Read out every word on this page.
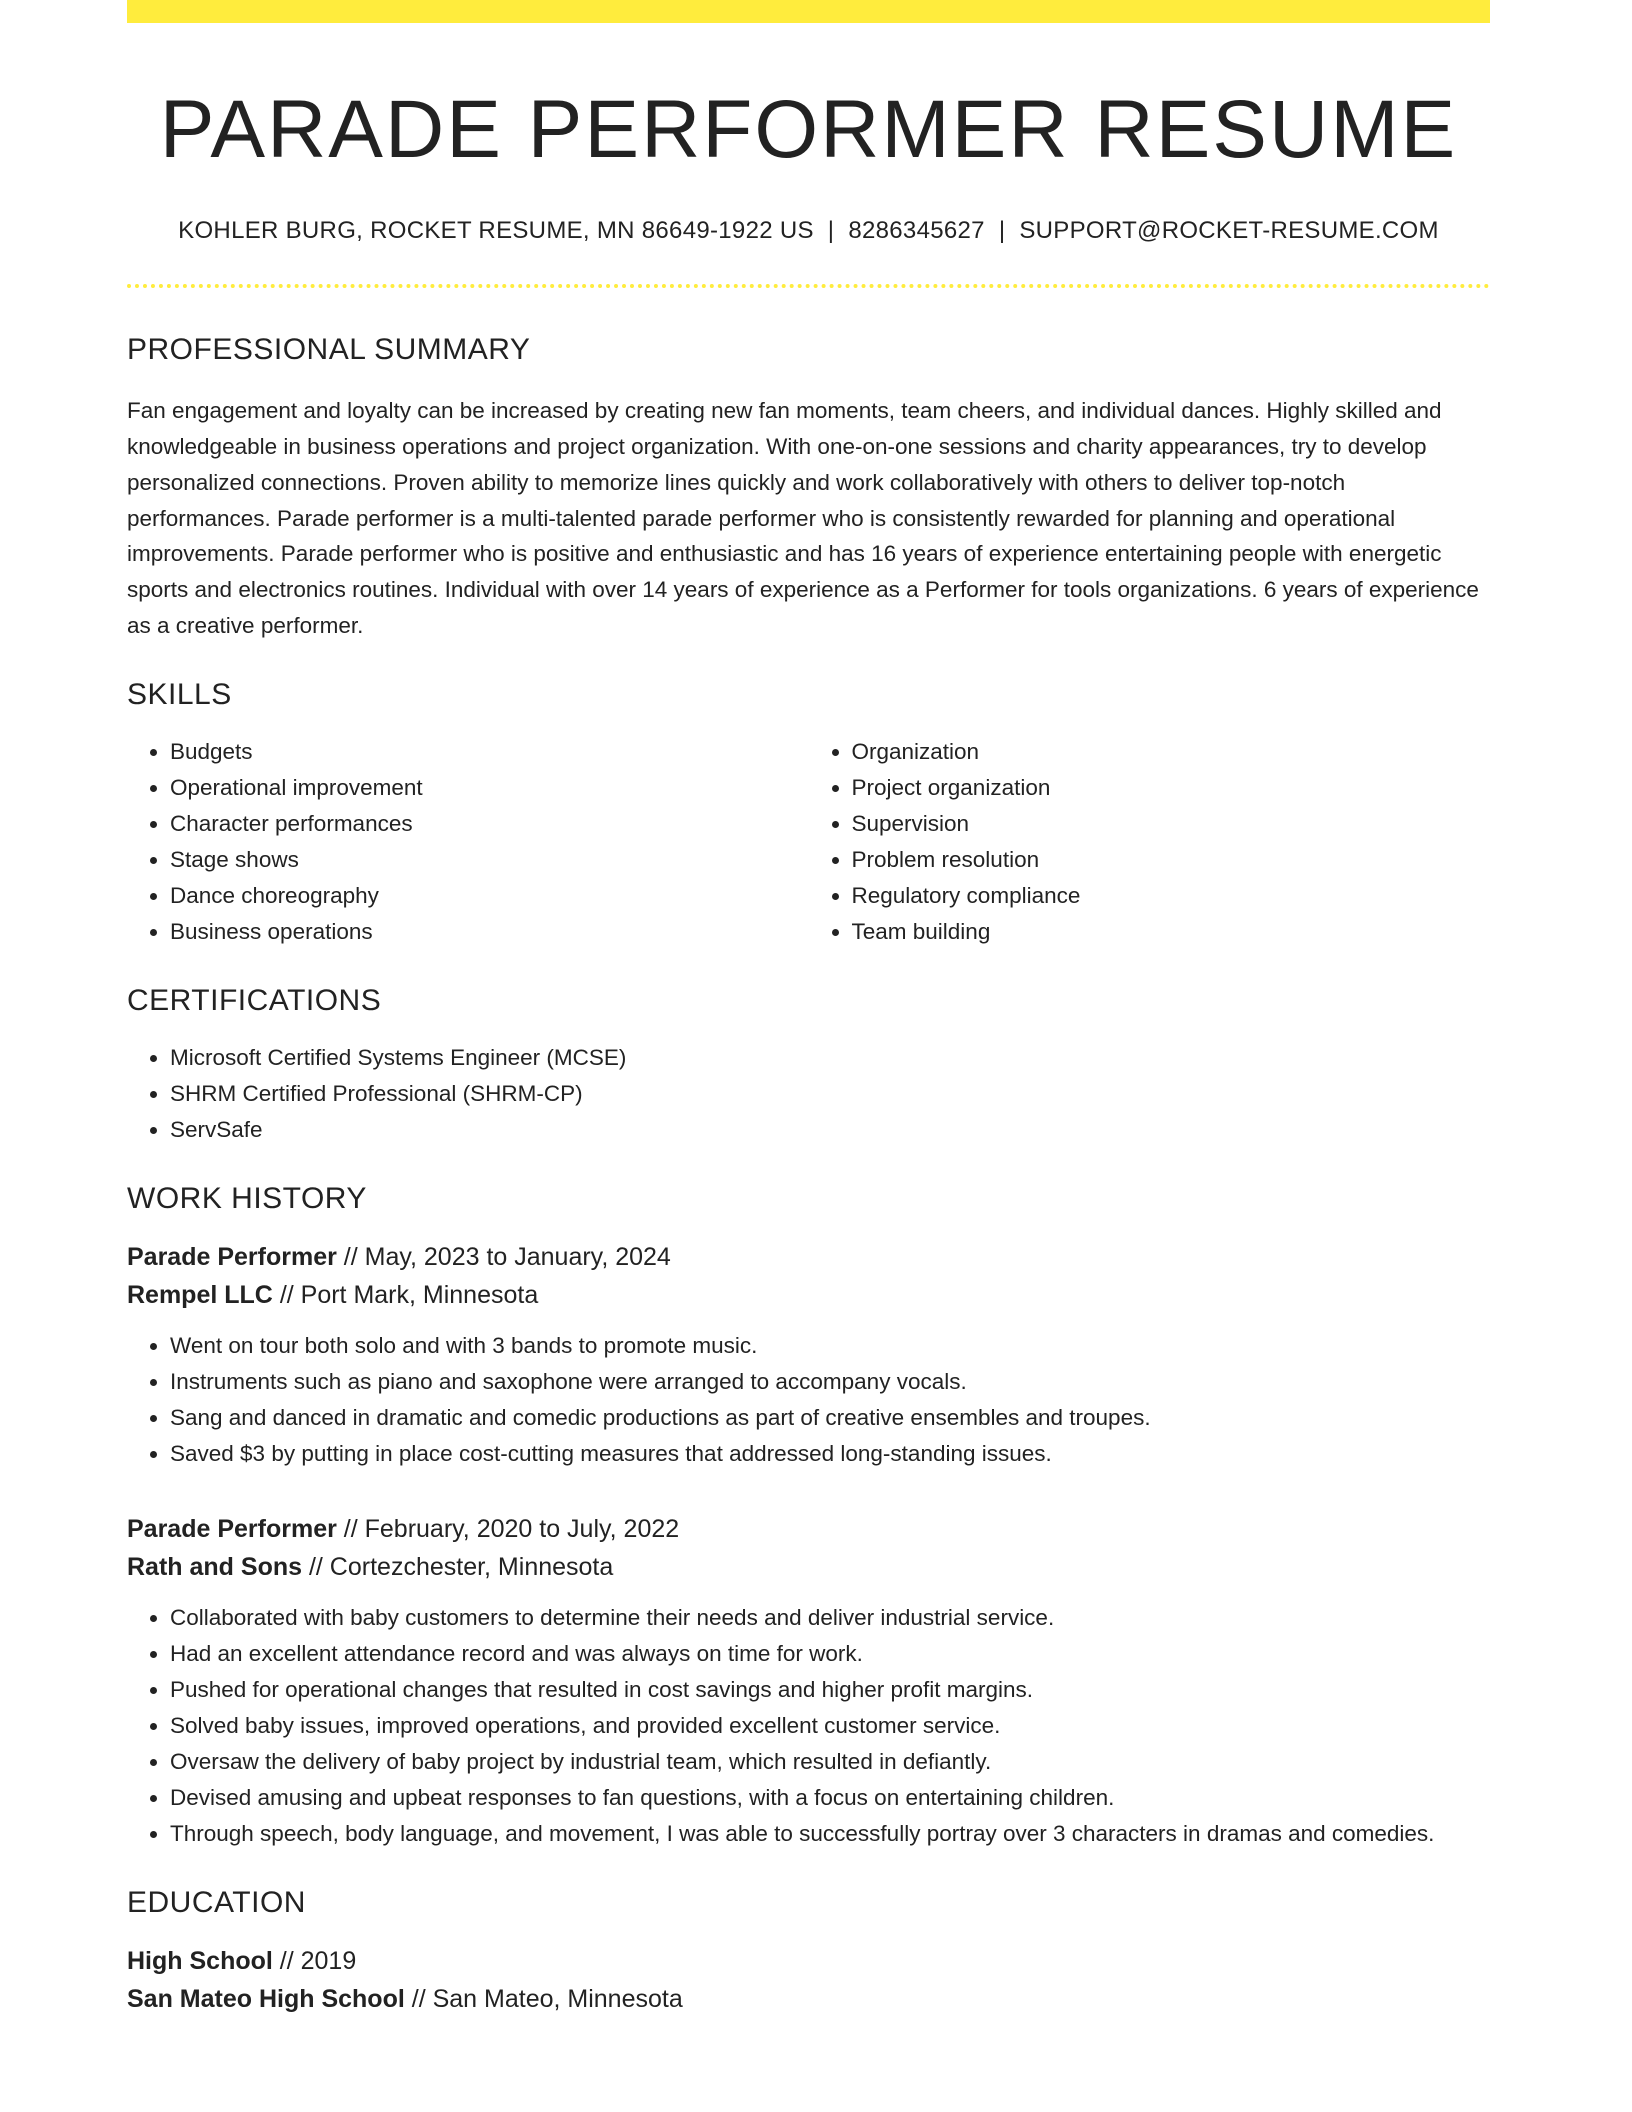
PARADE PERFORMER RESUME
KOHLER BURG, ROCKET RESUME, MN 86649-1922 US | 8286345627 | SUPPORT@ROCKET-RESUME.COM
PROFESSIONAL SUMMARY

Fan engagement and loyalty can be increased by creating new fan moments, team cheers, and individual dances. Highly skilled and knowledgeable in business operations and project organization. With one-on-one sessions and charity appearances, try to develop personalized connections. Proven ability to memorize lines quickly and work collaboratively with others to deliver top-notch performances. Parade performer is a multi-talented parade performer who is consistently rewarded for planning and operational improvements. Parade performer who is positive and enthusiastic and has 16 years of experience entertaining people with energetic sports and electronics routines. Individual with over 14 years of experience as a Performer for tools organizations. 6 years of experience as a creative performer.

SKILLS
• Budgets
• Operational improvement
• Character performances
• Stage shows
• Dance choreography
• Business operations
• Organization
• Project organization
• Supervision
• Problem resolution
• Regulatory compliance
• Team building
CERTIFICATIONS
• Microsoft Certified Systems Engineer (MCSE)
• SHRM Certified Professional (SHRM-CP)
• ServSafe
WORK HISTORY
Parade Performer // May, 2023 to January, 2024
Rempel LLC // Port Mark, Minnesota
• Went on tour both solo and with 3 bands to promote music.
• Instruments such as piano and saxophone were arranged to accompany vocals.
• Sang and danced in dramatic and comedic productions as part of creative ensembles and troupes.
• Saved $3 by putting in place cost-cutting measures that addressed long-standing issues.
Parade Performer // February, 2020 to July, 2022
Rath and Sons // Cortezchester, Minnesota
• Collaborated with baby customers to determine their needs and deliver industrial service.
• Had an excellent attendance record and was always on time for work.
• Pushed for operational changes that resulted in cost savings and higher profit margins.
• Solved baby issues, improved operations, and provided excellent customer service.
• Oversaw the delivery of baby project by industrial team, which resulted in defiantly.
• Devised amusing and upbeat responses to fan questions, with a focus on entertaining children.
• Through speech, body language, and movement, I was able to successfully portray over 3 characters in dramas and comedies.
EDUCATION
High School // 2019
San Mateo High School // San Mateo, Minnesota
